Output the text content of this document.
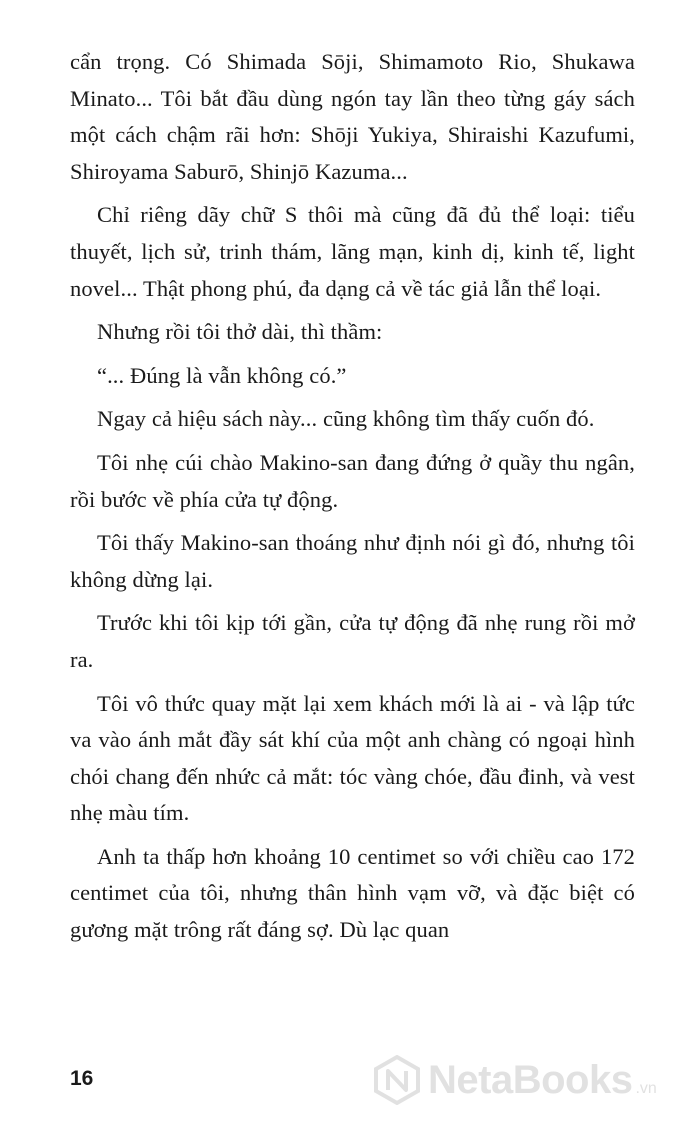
cẩn trọng. Có Shimada Sōji, Shimamoto Rio, Shukawa Minato... Tôi bắt đầu dùng ngón tay lần theo từng gáy sách một cách chậm rãi hơn: Shōji Yukiya, Shiraishi Kazufumi, Shiroyama Saburō, Shinjō Kazuma...

Chỉ riêng dãy chữ S thôi mà cũng đã đủ thể loại: tiểu thuyết, lịch sử, trinh thám, lãng mạn, kinh dị, kinh tế, light novel... Thật phong phú, đa dạng cả về tác giả lẫn thể loại.

Nhưng rồi tôi thở dài, thì thầm:

“... Đúng là vẫn không có.”

Ngay cả hiệu sách này... cũng không tìm thấy cuốn đó.

Tôi nhẹ cúi chào Makino-san đang đứng ở quầy thu ngân, rồi bước về phía cửa tự động.

Tôi thấy Makino-san thoáng như định nói gì đó, nhưng tôi không dừng lại.

Trước khi tôi kịp tới gần, cửa tự động đã nhẹ rung rồi mở ra.

Tôi vô thức quay mặt lại xem khách mới là ai - và lập tức va vào ánh mắt đầy sát khí của một anh chàng có ngoại hình chói chang đến nhức cả mắt: tóc vàng chóe, đầu đinh, và vest nhẹ màu tím.

Anh ta thấp hơn khoảng 10 centimet so với chiều cao 172 centimet của tôi, nhưng thân hình vạm vỡ, và đặc biệt có gương mặt trông rất đáng sợ. Dù lạc quan

16	NetaBooks .vn
